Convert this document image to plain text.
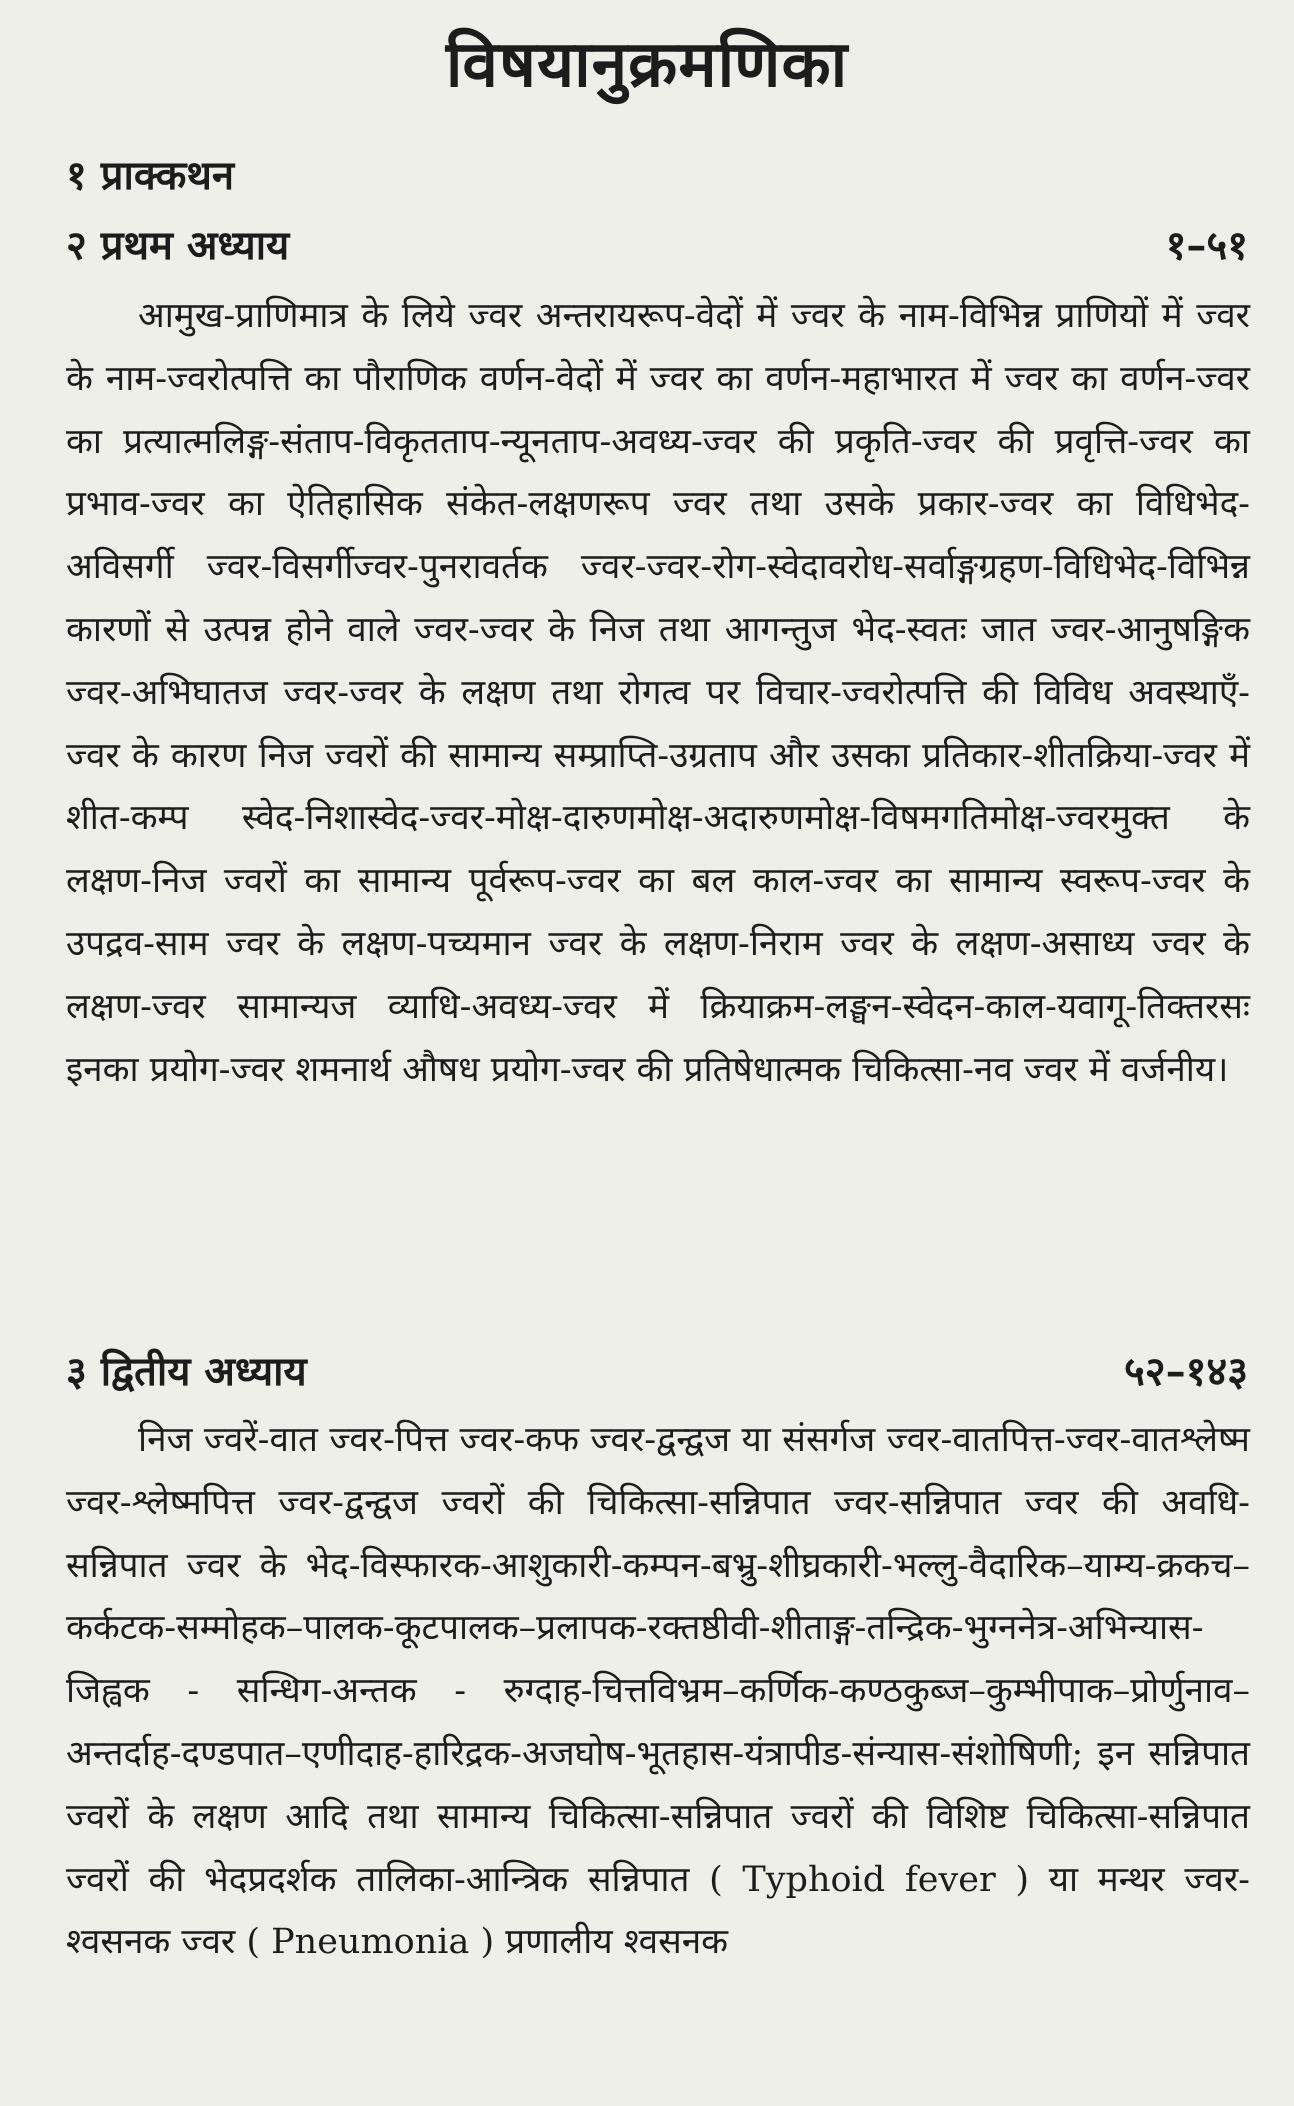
विषयानुक्रमणिका
१ प्राक्कथन
२ प्रथम अध्याय	१–५१

आमुख-प्राणिमात्र के लिये ज्वर अन्तरायरूप-वेदों में ज्वर के नाम-विभिन्न प्राणियों में ज्वर के नाम-ज्वरोत्पत्ति का पौराणिक वर्णन-वेदों में ज्वर का वर्णन-महाभारत में ज्वर का वर्णन-ज्वर का प्रत्यात्मलिङ्ग-संताप-विकृतताप-न्यूनताप-अवध्य-ज्वर की प्रकृति-ज्वर की प्रवृत्ति-ज्वर का प्रभाव-ज्वर का ऐतिहासिक संकेत-लक्षणरूप ज्वर तथा उसके प्रकार-ज्वर का विधिभेद- अविसर्गी ज्वर-विसर्गीज्वर-पुनरावर्तक ज्वर-ज्वर-रोग-स्वेदावरोध-सर्वाङ्गग्रहण-विधिभेद-विभिन्न कारणों से उत्पन्न होने वाले ज्वर-ज्वर के निज तथा आगन्तुज भेद-स्वतः जात ज्वर-आनुषङ्गिक ज्वर-अभिघातज ज्वर-ज्वर के लक्षण तथा रोगत्व पर विचार-ज्वरोत्पत्ति की विविध अवस्थाएँ-ज्वर के कारण निज ज्वरों की सामान्य सम्प्राप्ति-उग्रताप और उसका प्रतिकार-शीतक्रिया-ज्वर में शीत-कम्प स्वेद-निशास्वेद-ज्वर-मोक्ष-दारुणमोक्ष-अदारुणमोक्ष-विषमगतिमोक्ष-ज्वरमुक्त के लक्षण-निज ज्वरों का सामान्य पूर्वरूप-ज्वर का बल काल-ज्वर का सामान्य स्वरूप-ज्वर के उपद्रव-साम ज्वर के लक्षण-पच्यमान ज्वर के लक्षण-निराम ज्वर के लक्षण-असाध्य ज्वर के लक्षण-ज्वर सामान्यज व्याधि-अवध्य-ज्वर में क्रियाक्रम-लङ्घन-स्वेदन-काल-यवागू-तिक्तरसः इनका प्रयोग-ज्वर शमनार्थ औषध प्रयोग-ज्वर की प्रतिषेधात्मक चिकित्सा-नव ज्वर में वर्जनीय।

३ द्वितीय अध्याय	५२–१४३

निज ज्वरें-वात ज्वर-पित्त ज्वर-कफ ज्वर-द्वन्द्वज या संसर्गज ज्वर-वातपित्त-ज्वर-वातश्लेष्म ज्वर-श्लेष्मपित्त ज्वर-द्वन्द्वज ज्वरों की चिकित्सा-सन्निपात ज्वर-सन्निपात ज्वर की अवधि-सन्निपात ज्वर के भेद-विस्फारक-आशुकारी-कम्पन-बभ्रु-शीघ्रकारी-भल्लु-वैदारिक–याम्य-क्रकच–कर्कटक-सम्मोहक–पालक-कूटपालक–प्रलापक-रक्तष्ठीवी-शीताङ्ग-तन्द्रिक-भुग्ननेत्र-अभिन्यास-जिह्वक - सन्धिग-अन्तक - रुग्दाह-चित्तविभ्रम–कर्णिक-कण्ठकुब्ज–कुम्भीपाक–प्रोर्णुनाव–अन्तर्दाह-दण्डपात–एणीदाह-हारिद्रक-अजघोष-भूतहास-यंत्रापीड-संन्यास-संशोषिणी; इन सन्निपात ज्वरों के लक्षण आदि तथा सामान्य चिकित्सा-सन्निपात ज्वरों की विशिष्ट चिकित्सा-सन्निपात ज्वरों की भेदप्रदर्शक तालिका-आन्त्रिक सन्निपात ( Typhoid fever ) या मन्थर ज्वर-श्वसनक ज्वर ( Pneumonia ) प्रणालीय श्वसनक
